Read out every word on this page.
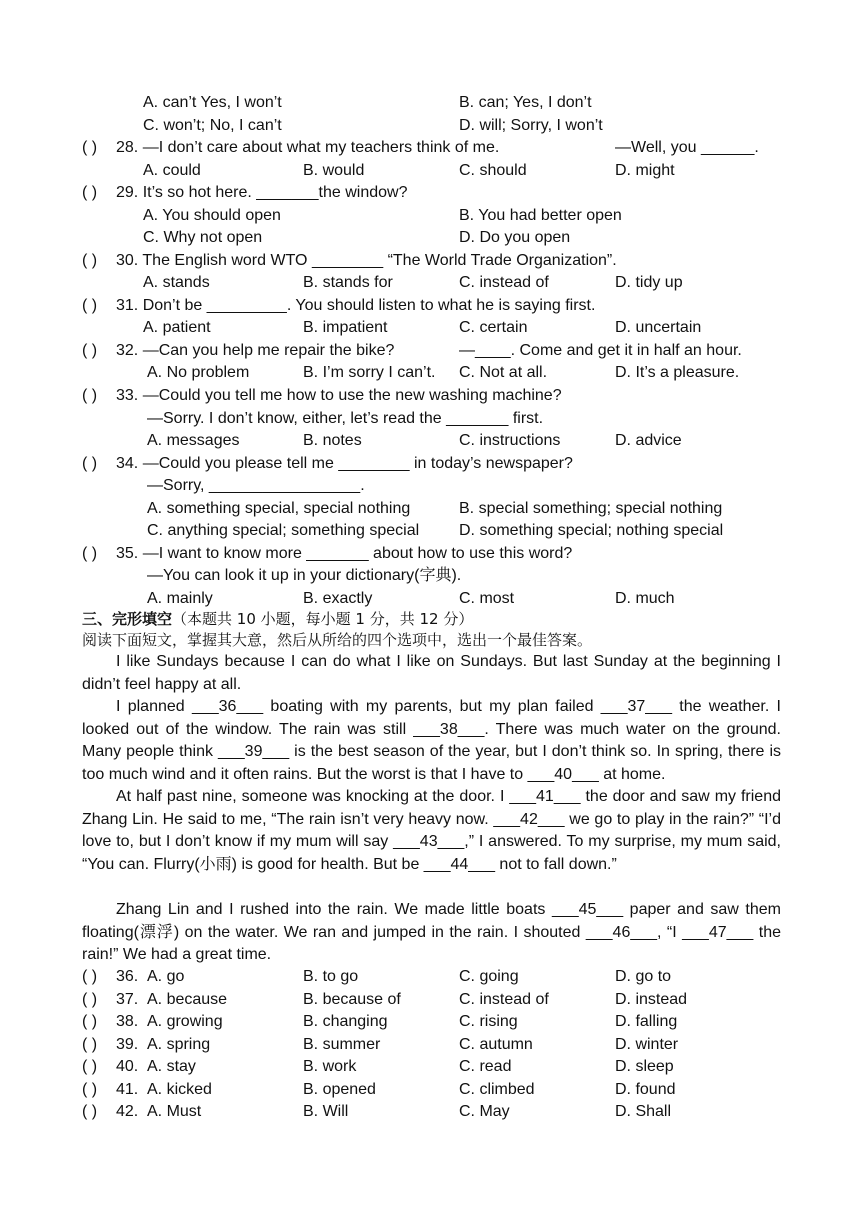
A. can’t Yes, I won’t	B. can; Yes, I don’t
C. won’t; No, I can’t	D. will; Sorry, I won’t
( ) 28. —I don’t care about what my teachers think of me.	—Well, you ______.
A. could	B. would	C. should	D. might
( ) 29. It’s so hot here. _______the window?
A. You should open	B. You had better open
C. Why not open	D. Do you open
( ) 30. The English word WTO ________ “The World Trade Organization”.
A. stands	B. stands for	C. instead of	D. tidy up
( ) 31. Don’t be _________. You should listen to what he is saying first.
A. patient	B. impatient	C. certain	D. uncertain
( ) 32. —Can you help me repair the bike?	—____. Come and get it in half an hour.
A. No problem	B. I’m sorry I can’t. C. Not at all.	D. It’s a pleasure.
( ) 33. —Could you tell me how to use the new washing machine?
—Sorry. I don’t know, either, let’s read the _______ first.
A. messages	B. notes	C. instructions	D. advice
( ) 34. —Could you please tell me ________ in today’s newspaper?
—Sorry, _________________.
A. something special, special nothing	B. special something; special nothing
C. anything special; something special D. something special; nothing special
( ) 35. —I want to know more _______ about how to use this word?
—You can look it up in your dictionary(字典).
A. mainly	B. exactly	C. most	D. much
三、完形填空（本题共 10 小题，每小题 1 分，共 12 分）
阅读下面短文，掌握其大意，然后从所给的四个选项中，选出一个最佳答案。
I like Sundays because I can do what I like on Sundays. But last Sunday at the beginning I didn’t feel happy at all.
I planned ___36___ boating with my parents, but my plan failed ___37___ the weather. I looked out of the window. The rain was still ___38___. There was much water on the ground. Many people think ___39___ is the best season of the year, but I don’t think so. In spring, there is too much wind and it often rains. But the worst is that I have to ___40___ at home.
At half past nine, someone was knocking at the door. I ___41___ the door and saw my friend Zhang Lin. He said to me, “The rain isn’t very heavy now. ___42___ we go to play in the rain?” “I’d love to, but I don’t know if my mum will say ___43___,” I answered. To my surprise, my mum said, “You can. Flurry(小雨) is good for health. But be ___44___ not to fall down.”
Zhang Lin and I rushed into the rain. We made little boats ___45___ paper and saw them floating(漂浮) on the water. We ran and jumped in the rain. I shouted ___46___, “I ___47___ the rain!” We had a great time.
( ) 36. A. go	B. to go	C. going	D. go to
( ) 37. A. because	B. because of	C. instead of	D. instead
( ) 38. A. growing	B. changing	C. rising	D. falling
( ) 39. A. spring	B. summer	C. autumn	D. winter
( ) 40. A. stay	B. work	C. read	D. sleep
( ) 41. A. kicked	B. opened	C. climbed	D. found
( ) 42. A. Must	B. Will	C. May	D. Shall
